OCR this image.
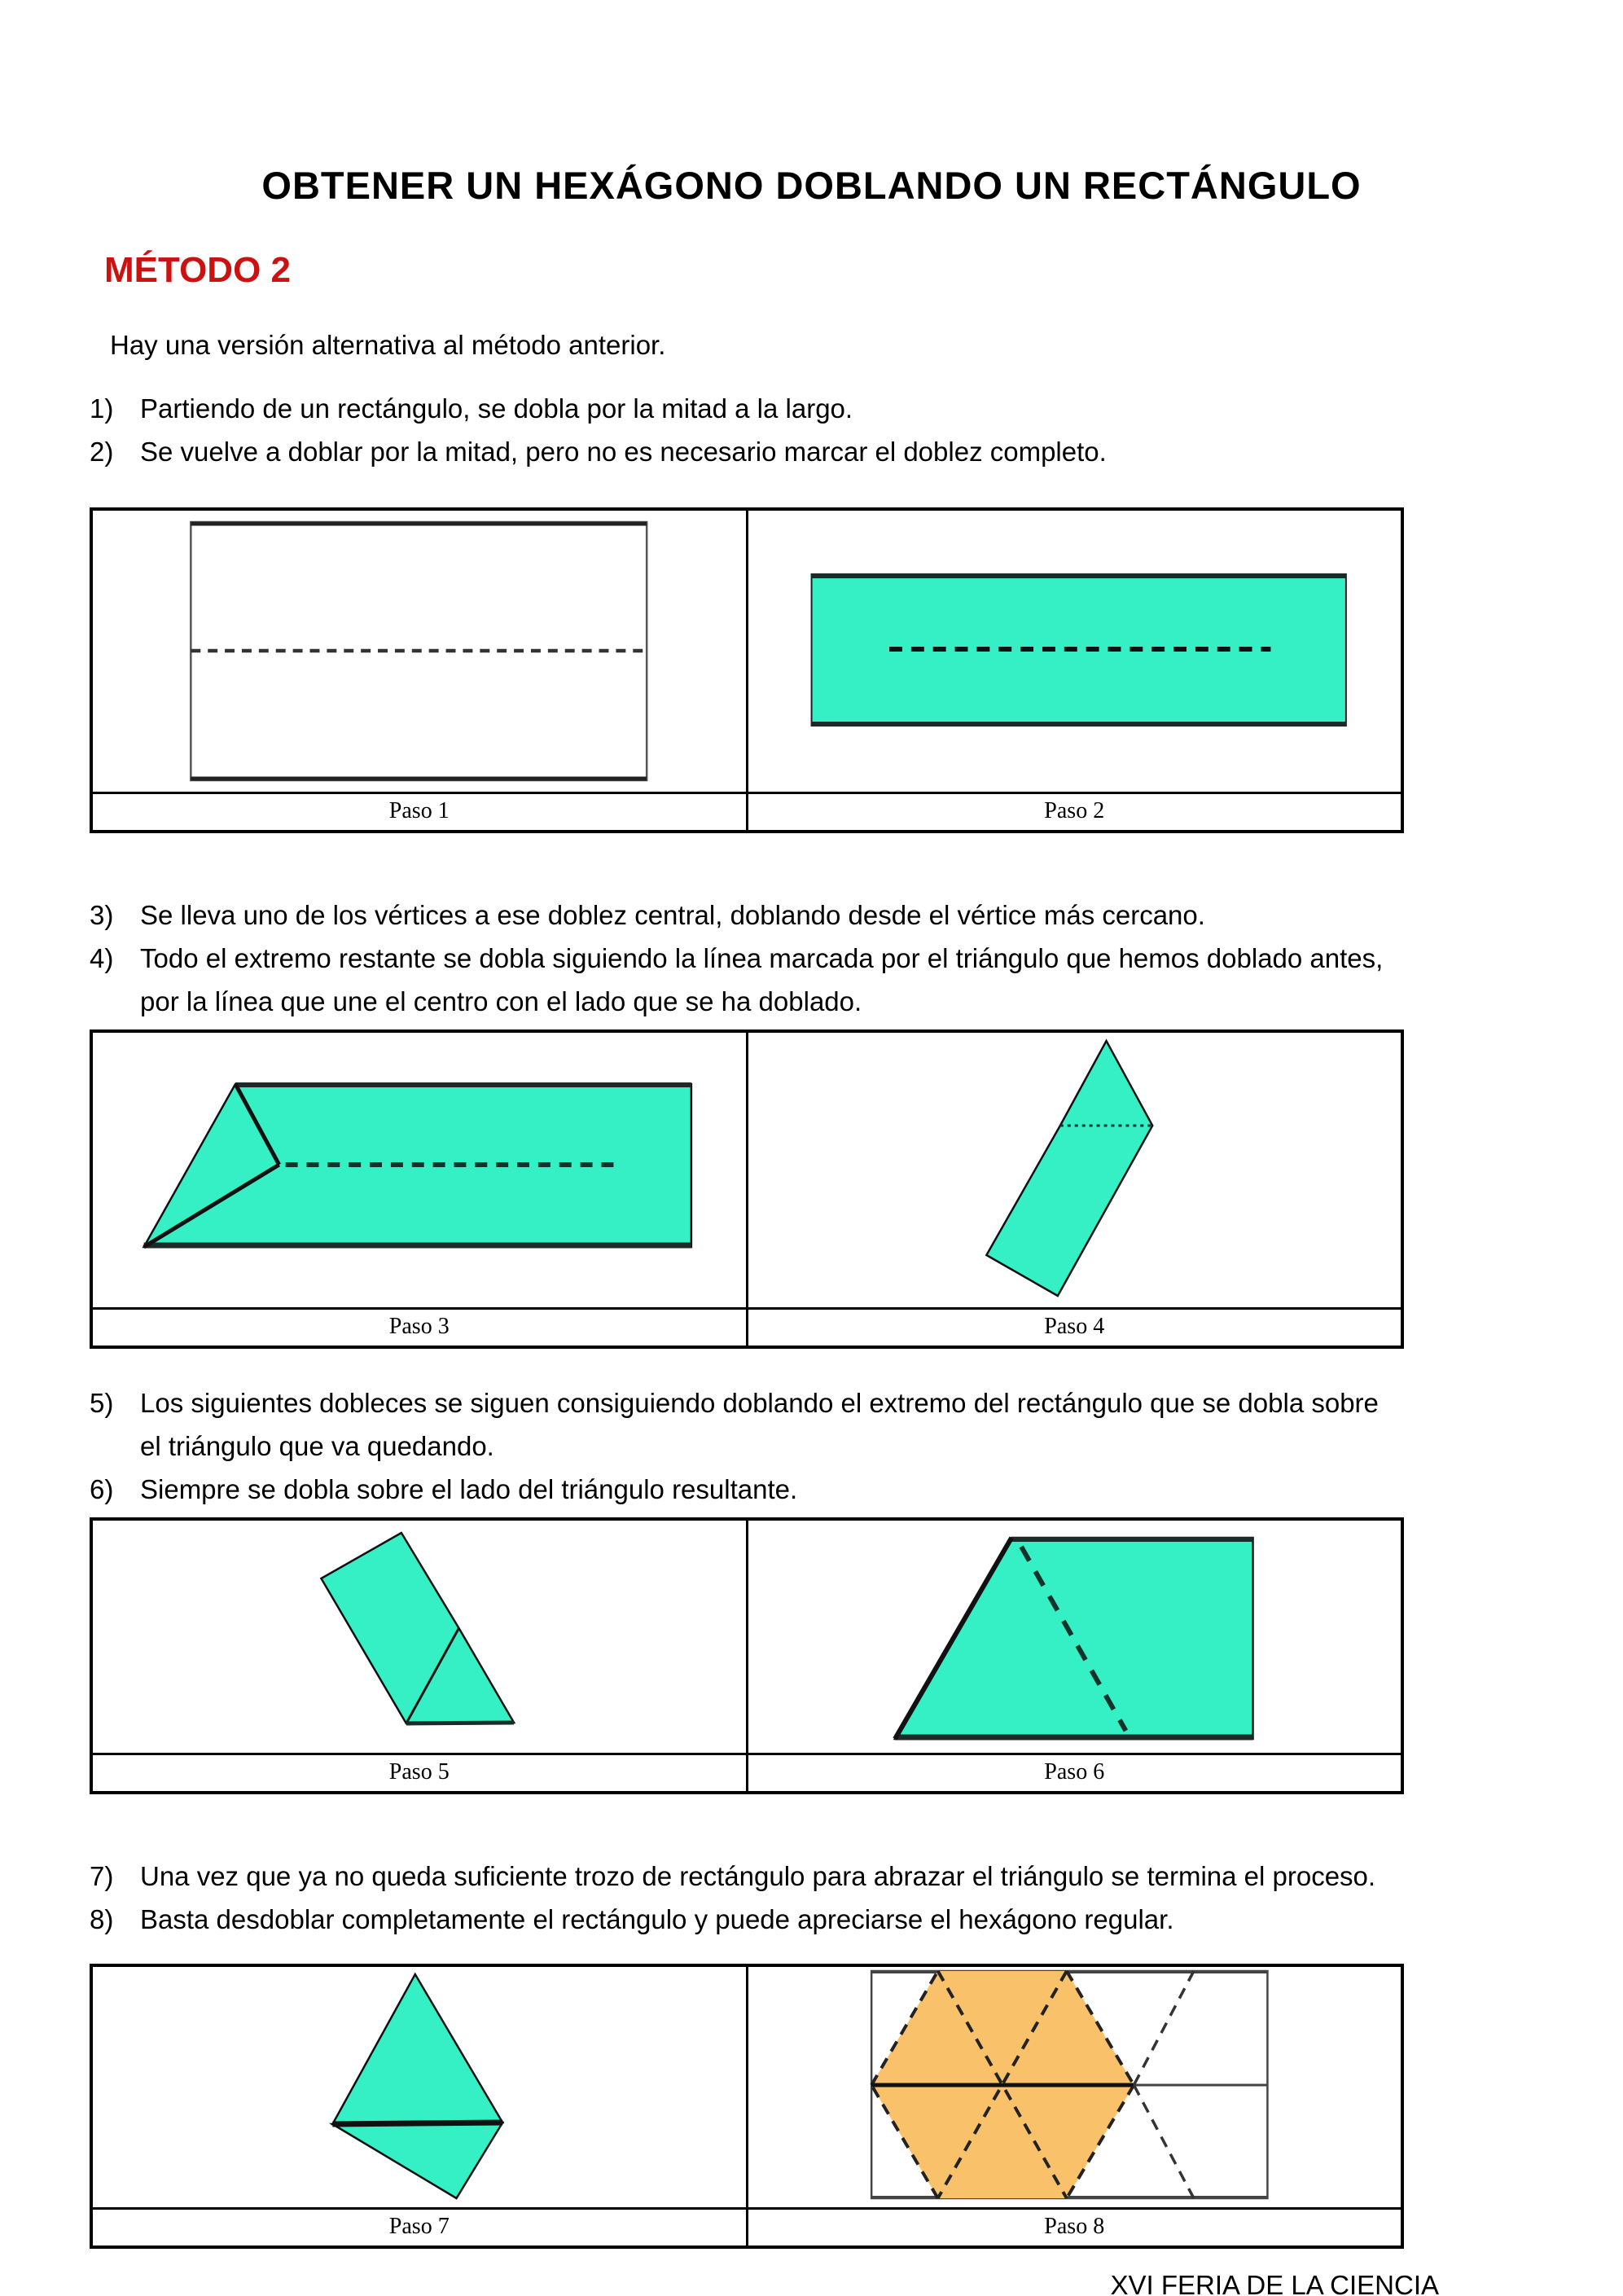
OBTENER UN HEXÁGONO DOBLANDO UN RECTÁNGULO
MÉTODO 2
Hay una versión alternativa al método anterior.
1) Partiendo de un rectángulo, se dobla por la mitad a la largo.
2) Se vuelve a doblar por la mitad, pero no es necesario marcar el doblez completo.
Paso 1	Paso 2
3) Se lleva uno de los vértices a ese doblez central, doblando desde el vértice más cercano.
4) Todo el extremo restante se dobla siguiendo la línea marcada por el triángulo que hemos doblado antes, por la línea que une el centro con el lado que se ha doblado.
Paso 3	Paso 4
5) Los siguientes dobleces se siguen consiguiendo doblando el extremo del rectángulo que se dobla sobre el triángulo que va quedando.
6) Siempre se dobla sobre el lado del triángulo resultante.
Paso 5	Paso 6
7) Una vez que ya no queda suficiente trozo de rectángulo para abrazar el triángulo se termina el proceso.
8) Basta desdoblar completamente el rectángulo y puede apreciarse el hexágono regular.
Paso 7	Paso 8
XVI FERIA DE LA CIENCIA
